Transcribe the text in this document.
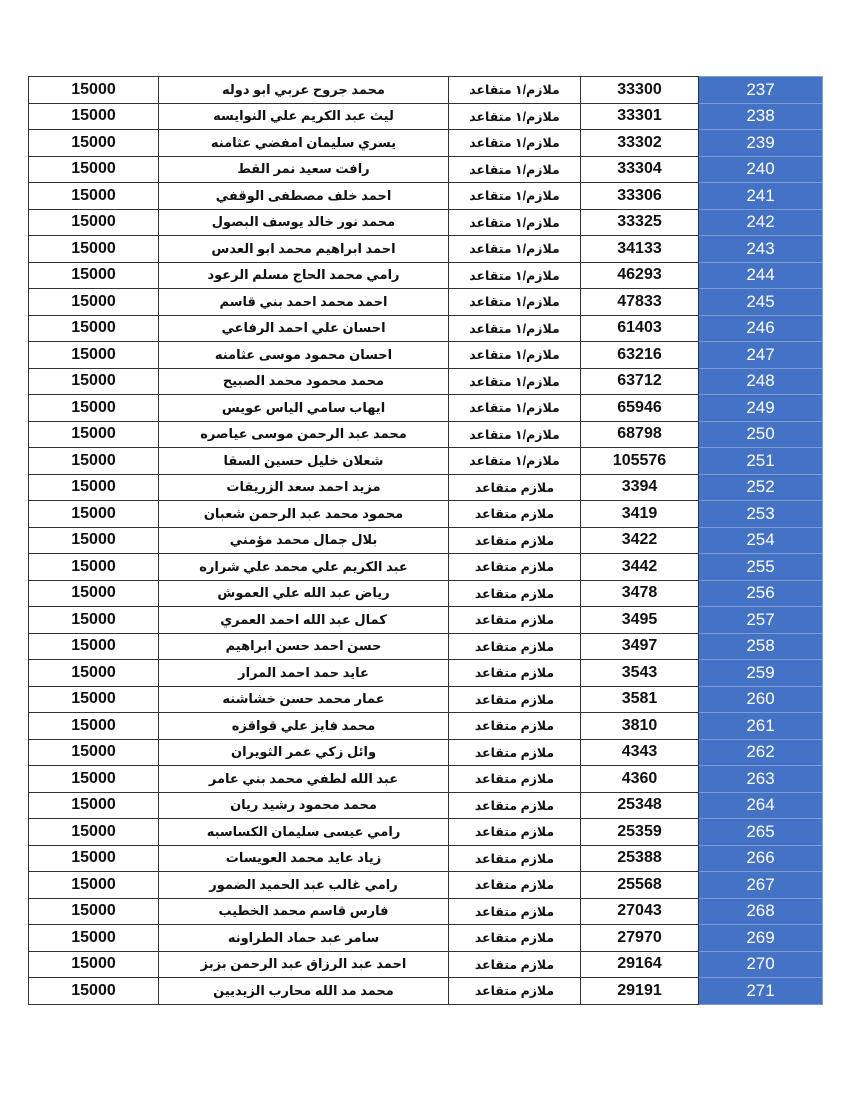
15000	محمد جروح عربي ابو دوله	ملازم/١ متقاعد	33300	237
15000	ليث عبد الكريم علي النوايسه	ملازم/١ متقاعد	33301	238
15000	يسري سليمان امفضي عثامنه	ملازم/١ متقاعد	33302	239
15000	رافت سعيد نمر القط	ملازم/١ متقاعد	33304	240
15000	احمد خلف مصطفى الوقفي	ملازم/١ متقاعد	33306	241
15000	محمد نور خالد يوسف البصول	ملازم/١ متقاعد	33325	242
15000	احمد ابراهيم محمد ابو العدس	ملازم/١ متقاعد	34133	243
15000	رامي محمد الحاج مسلم الرعود	ملازم/١ متقاعد	46293	244
15000	احمد محمد احمد بني قاسم	ملازم/١ متقاعد	47833	245
15000	احسان علي احمد الرفاعي	ملازم/١ متقاعد	61403	246
15000	احسان محمود موسى عثامنه	ملازم/١ متقاعد	63216	247
15000	محمد محمود محمد الصبيح	ملازم/١ متقاعد	63712	248
15000	ايهاب سامي الياس عويس	ملازم/١ متقاعد	65946	249
15000	محمد عبد الرحمن موسى عياصره	ملازم/١ متقاعد	68798	250
15000	شعلان خليل حسين السقا	ملازم/١ متقاعد	105576	251
15000	مزيد احمد سعد الزريقات	ملازم متقاعد	3394	252
15000	محمود محمد عبد الرحمن شعبان	ملازم متقاعد	3419	253
15000	بلال جمال محمد مؤمني	ملازم متقاعد	3422	254
15000	عبد الكريم علي محمد علي شراره	ملازم متقاعد	3442	255
15000	رياض عبد الله علي العموش	ملازم متقاعد	3478	256
15000	كمال عبد الله احمد العمري	ملازم متقاعد	3495	257
15000	حسن احمد حسن ابراهيم	ملازم متقاعد	3497	258
15000	عايد حمد احمد المرار	ملازم متقاعد	3543	259
15000	عمار محمد حسن خشاشنه	ملازم متقاعد	3581	260
15000	محمد فايز علي قواقزه	ملازم متقاعد	3810	261
15000	وائل زكي عمر الثويران	ملازم متقاعد	4343	262
15000	عبد الله لطفي محمد بني عامر	ملازم متقاعد	4360	263
15000	محمد محمود رشيد ريان	ملازم متقاعد	25348	264
15000	رامي عيسى سليمان الكساسبه	ملازم متقاعد	25359	265
15000	زياد عايد محمد العويسات	ملازم متقاعد	25388	266
15000	رامي غالب عبد الحميد الضمور	ملازم متقاعد	25568	267
15000	فارس قاسم محمد الخطيب	ملازم متقاعد	27043	268
15000	سامر عبد حماد الطراونه	ملازم متقاعد	27970	269
15000	احمد عبد الرزاق عبد الرحمن بزبز	ملازم متقاعد	29164	270
15000	محمد مد الله محارب الزيديين	ملازم متقاعد	29191	271
